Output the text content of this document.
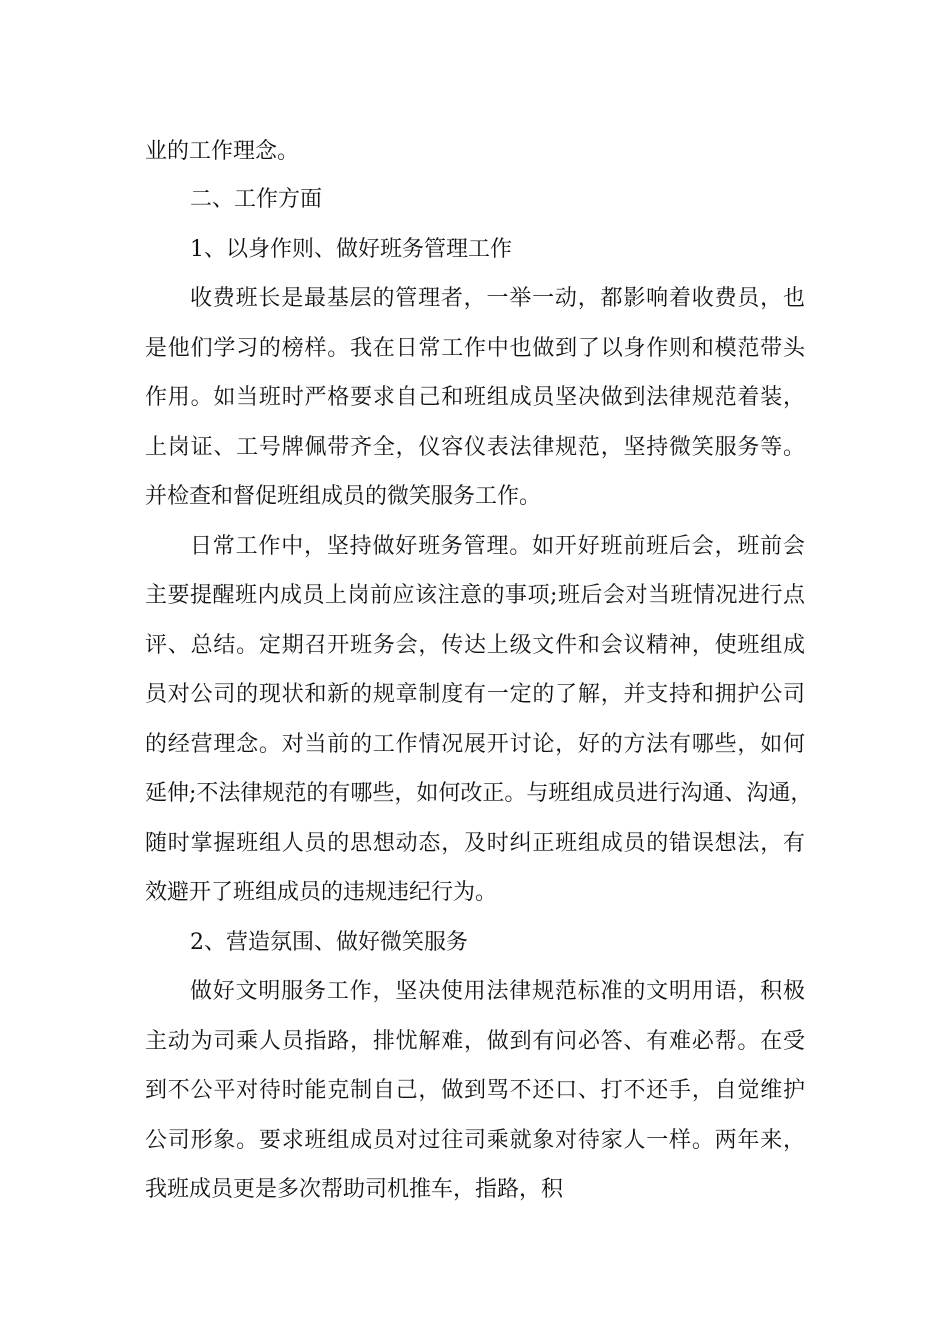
业的工作理念。
二、工作方面
1、以身作则、做好班务管理工作
收费班长是最基层的管理者，一举一动，都影响着收费员，也
是他们学习的榜样。我在日常工作中也做到了以身作则和模范带头
作用。如当班时严格要求自己和班组成员坚决做到法律规范着装，
上岗证、工号牌佩带齐全，仪容仪表法律规范，坚持微笑服务等。
并检查和督促班组成员的微笑服务工作。
日常工作中，坚持做好班务管理。如开好班前班后会，班前会
主要提醒班内成员上岗前应该注意的事项;班后会对当班情况进行点
评、总结。定期召开班务会，传达上级文件和会议精神，使班组成
员对公司的现状和新的规章制度有一定的了解，并支持和拥护公司
的经营理念。对当前的工作情况展开讨论，好的方法有哪些，如何
延伸;不法律规范的有哪些，如何改正。与班组成员进行沟通、沟通，
随时掌握班组人员的思想动态，及时纠正班组成员的错误想法，有
效避开了班组成员的违规违纪行为。
2、营造氛围、做好微笑服务
做好文明服务工作，坚决使用法律规范标准的文明用语，积极
主动为司乘人员指路，排忧解难，做到有问必答、有难必帮。在受
到不公平对待时能克制自己，做到骂不还口、打不还手，自觉维护
公司形象。要求班组成员对过往司乘就象对待家人一样。两年来，
我班成员更是多次帮助司机推车，指路，积
